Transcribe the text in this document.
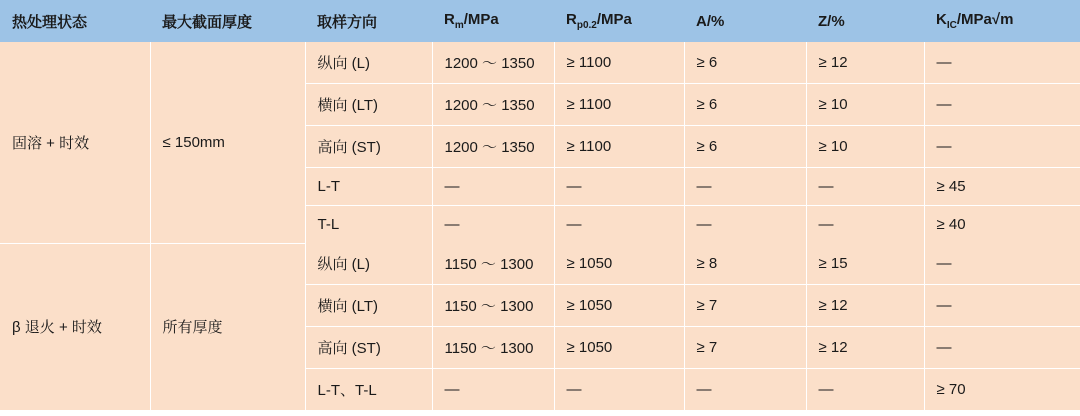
热处理状态	最大截面厚度	取样方向	$R_m$/MPa	$R_{p0.2}$/MPa	A/%	Z/%	$K_{IC}/MPa√m$
固溶 + 时效	≤ 150mm	纵向 (L)	1200 ～ 1350	≥ 1100	≥ 6	≥ 12	—
		横向 (LT)	1200 ～ 1350	≥ 1100	≥ 6	≥ 10	—
		高向 (ST)	1200 ～ 1350	≥ 1100	≥ 6	≥ 10	—
		L-T	—	—	—	—	≥ 45
		T-L	—	—	—	—	≥ 40
β 退火 + 时效	所有厚度	纵向 (L)	1150 ～ 1300	≥ 1050	≥ 8	≥ 15	—
		横向 (LT)	1150 ～ 1300	≥ 1050	≥ 7	≥ 12	—
		高向 (ST)	1150 ～ 1300	≥ 1050	≥ 7	≥ 12	—
		L-T、T-L	—	—	—	—	≥ 70
